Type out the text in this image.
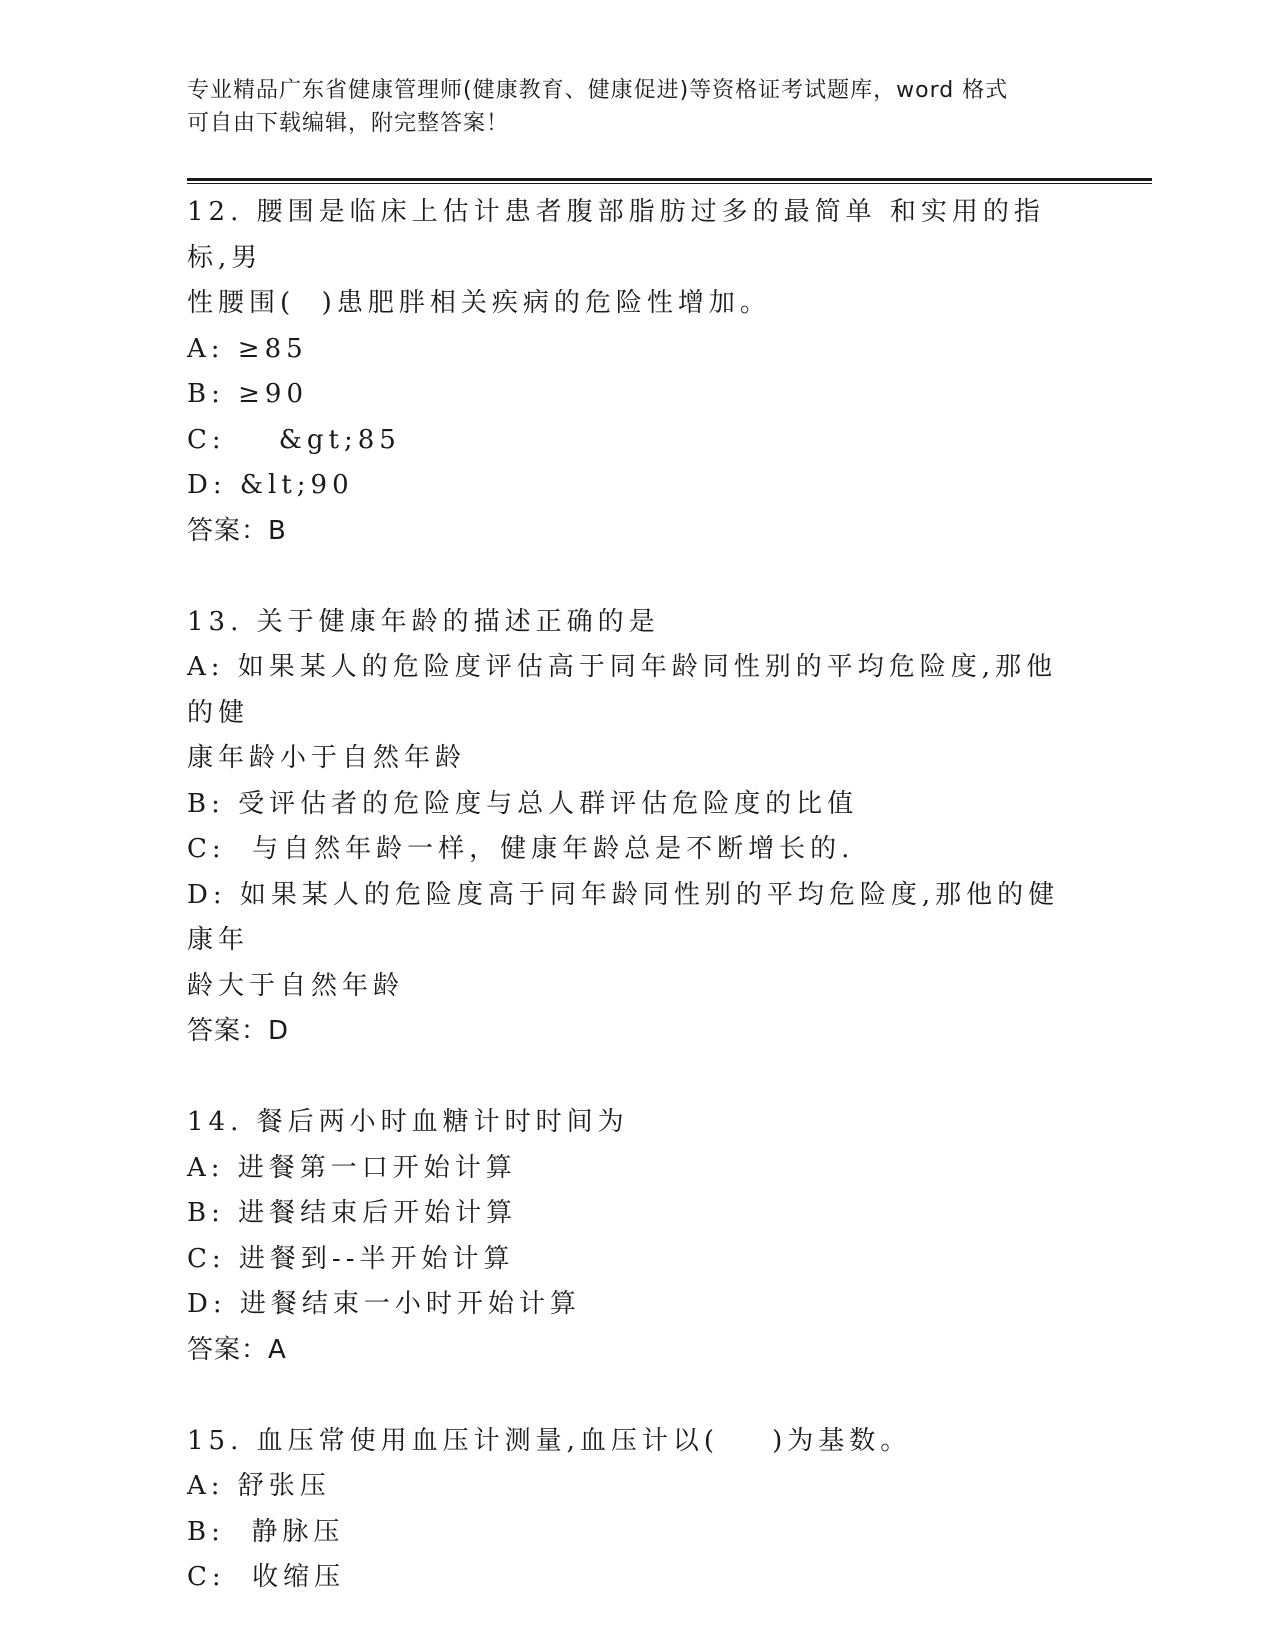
专业精品广东省健康管理师(健康教育、健康促进)等资格证考试题库，word 格式
可自由下载编辑，附完整答案！
12. 腰围是临床上估计患者腹部脂肪过多的最简单 和实用的指标,男
性腰围(  )患肥胖相关疾病的危险性增加。
A: ≥85
B: ≥90
C:    &gt;85
D: &lt;90
答案：B
13. 关于健康年龄的描述正确的是
A: 如果某人的危险度评估高于同年龄同性别的平均危险度,那他的健
康年龄小于自然年龄
B: 受评估者的危险度与总人群评估危险度的比值
C:  与自然年龄一样，健康年龄总是不断增长的.
D: 如果某人的危险度高于同年龄同性别的平均危险度,那他的健康年
龄大于自然年龄
答案：D
14. 餐后两小时血糖计时时间为
A: 进餐第一口开始计算
B: 进餐结束后开始计算
C: 进餐到--半开始计算
D: 进餐结束一小时开始计算
答案：A
15. 血压常使用血压计测量,血压计以(    )为基数。
A: 舒张压
B:  静脉压
C:  收缩压
